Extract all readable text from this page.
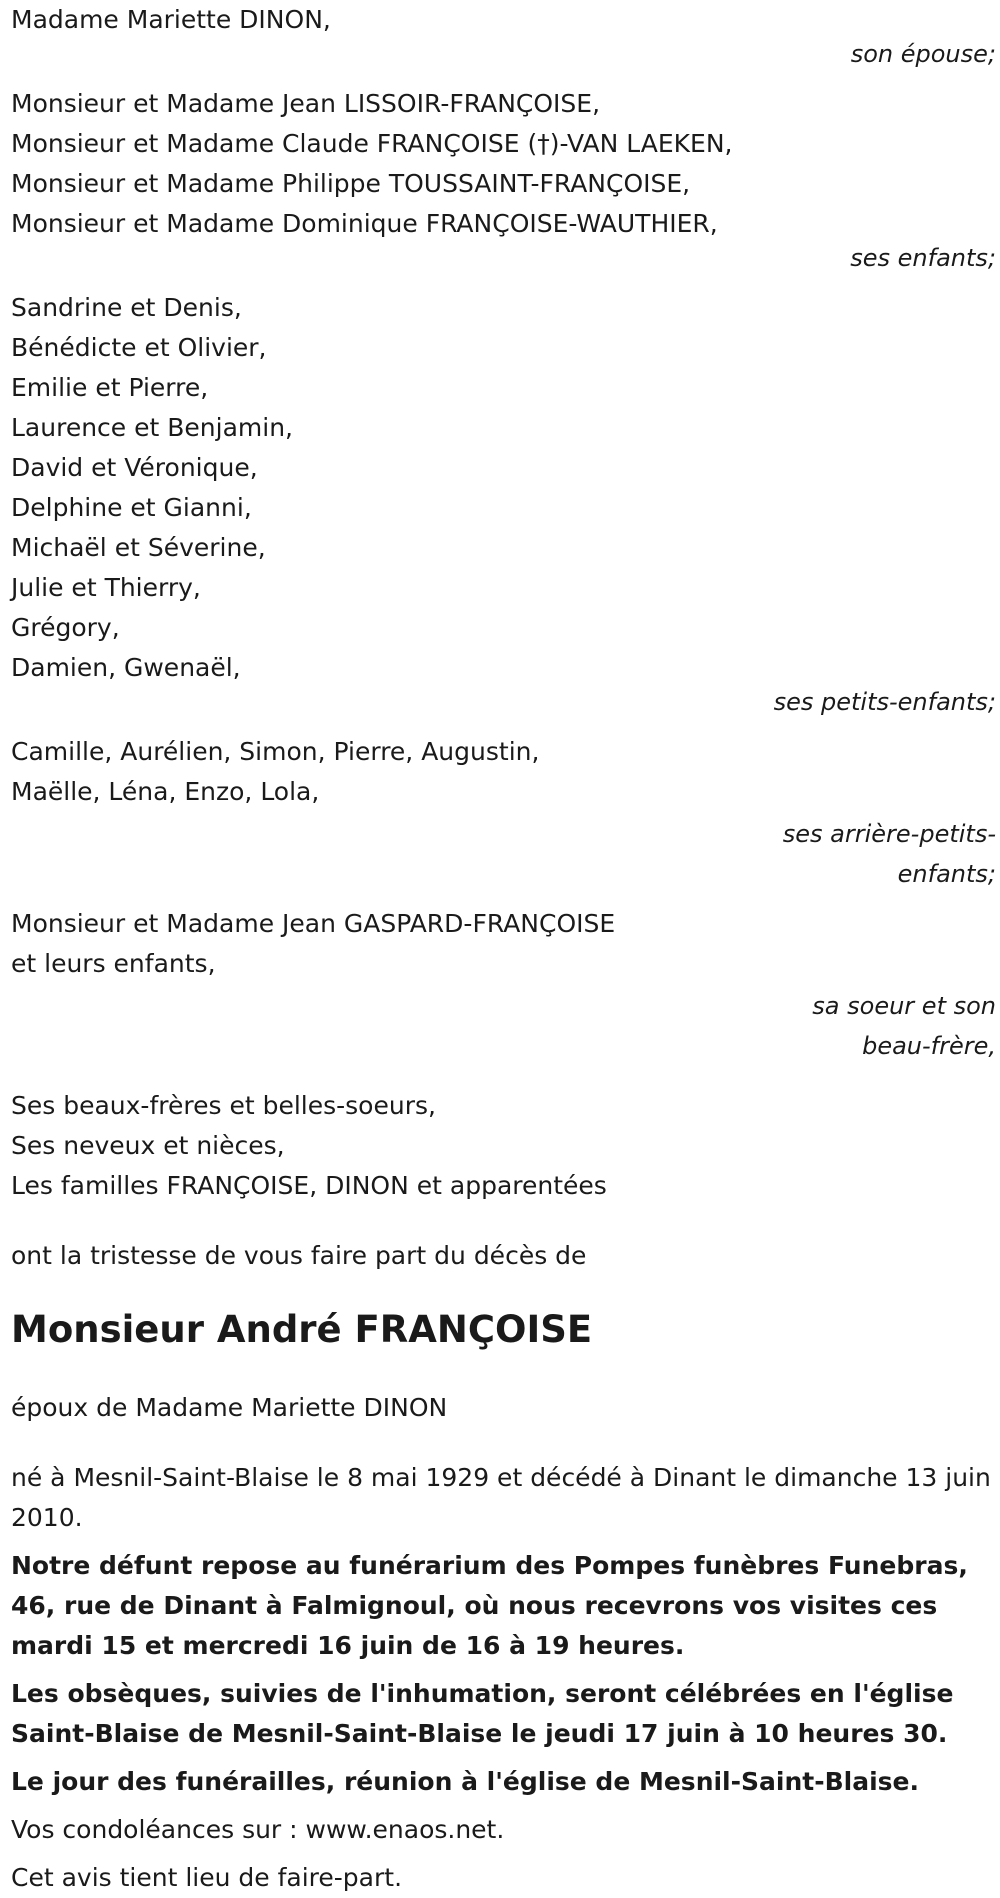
Madame Mariette DINON,
son épouse;
Monsieur et Madame Jean LISSOIR-FRANÇOISE,
Monsieur et Madame Claude FRANÇOISE (†)-VAN LAEKEN,
Monsieur et Madame Philippe TOUSSAINT-FRANÇOISE,
Monsieur et Madame Dominique FRANÇOISE-WAUTHIER,
ses enfants;
Sandrine et Denis,
Bénédicte et Olivier,
Emilie et Pierre,
Laurence et Benjamin,
David et Véronique,
Delphine et Gianni,
Michaël et Séverine,
Julie et Thierry,
Grégory,
Damien, Gwenaël,
ses petits-enfants;
Camille, Aurélien, Simon, Pierre, Augustin,
Maëlle, Léna, Enzo, Lola,
ses arrière-petits-
enfants;
Monsieur et Madame Jean GASPARD-FRANÇOISE
et leurs enfants,
sa soeur et son
beau-frère,
Ses beaux-frères et belles-soeurs,
Ses neveux et nièces,
Les familles FRANÇOISE, DINON et apparentées
ont la tristesse de vous faire part du décès de
Monsieur André FRANÇOISE
époux de Madame Mariette DINON
né à Mesnil-Saint-Blaise le 8 mai 1929 et décédé à Dinant le dimanche 13 juin 2010.
Notre défunt repose au funérarium des Pompes funèbres Funebras, 46, rue de Dinant à Falmignoul, où nous recevrons vos visites ces mardi 15 et mercredi 16 juin de 16 à 19 heures.
Les obsèques, suivies de l'inhumation, seront célébrées en l'église Saint-Blaise de Mesnil-Saint-Blaise le jeudi 17 juin à 10 heures 30.
Le jour des funérailles, réunion à l'église de Mesnil-Saint-Blaise.
Vos condoléances sur : www.enaos.net.
Cet avis tient lieu de faire-part.
